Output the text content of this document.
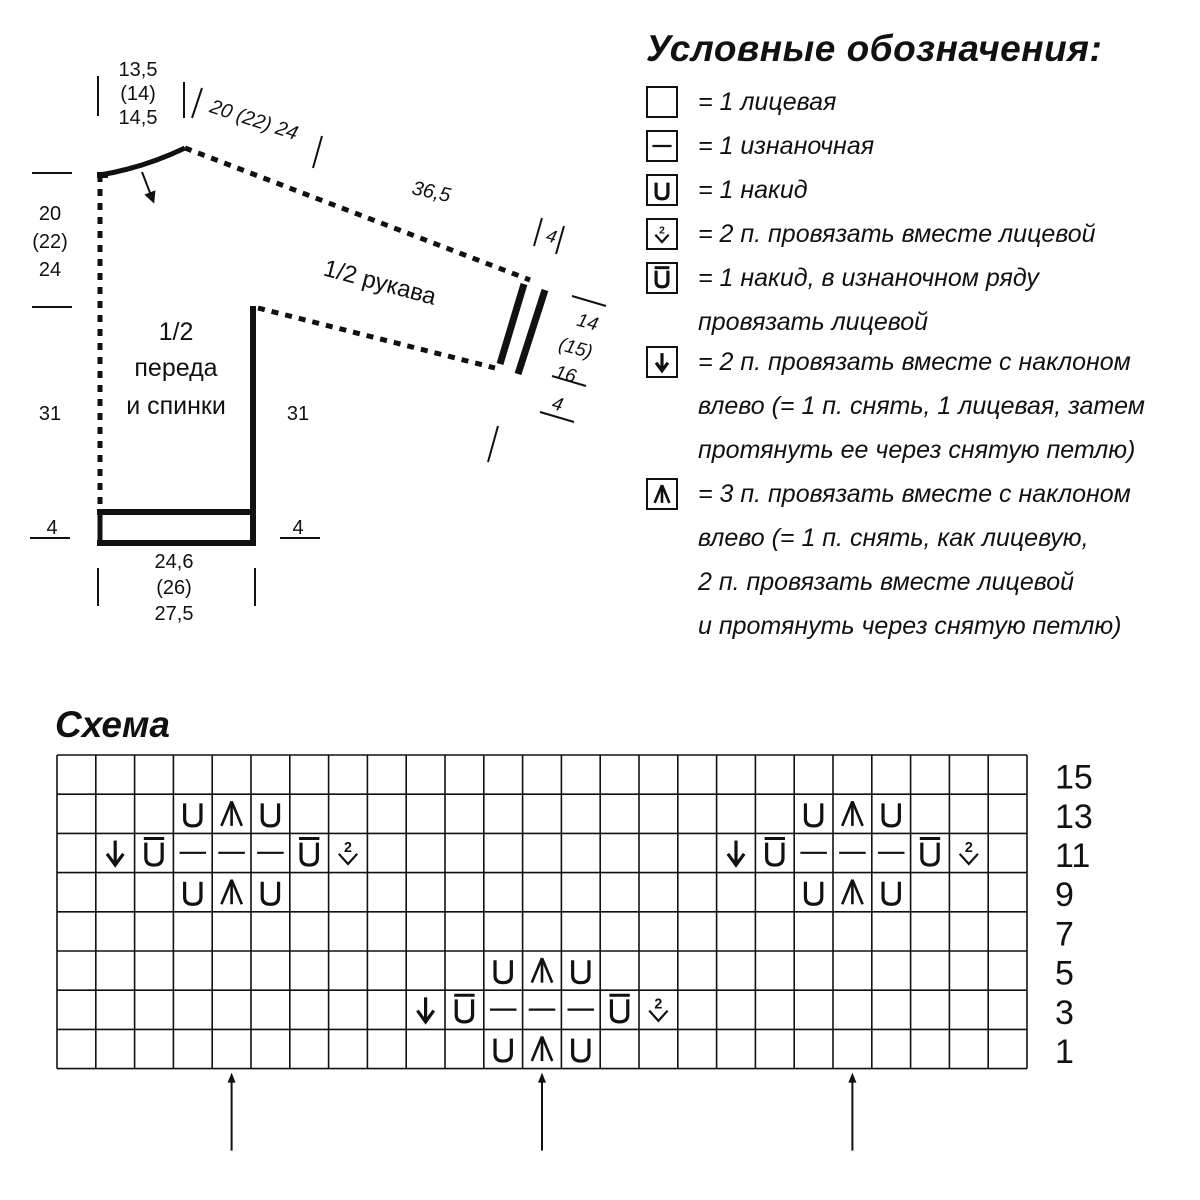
13,5
(14)
14,5 20 (22) 24
20
(22)
24
36,5
1/2 рукава
4
14
(15)
16
4
1/2
переда
и спинки
31	31
4	4
24,6
(26)
27,5
2	2
2
15
13
11
9
7
5
3
1
Условные обозначения:
= 1 лицевая
= 1 изнаночная
= 1 накид
2 = 2 п. провязать вместе лицевой
= 1 накид, в изнаночном ряду
провязать лицевой
= 2 п. провязать вместе с наклоном
влево (= 1 п. снять, 1 лицевая, затем
протянуть ее через снятую петлю)
= 3 п. провязать вместе с наклоном
влево (= 1 п. снять, как лицевую,
2 п. провязать вместе лицевой
и протянуть через снятую петлю)
Схема
